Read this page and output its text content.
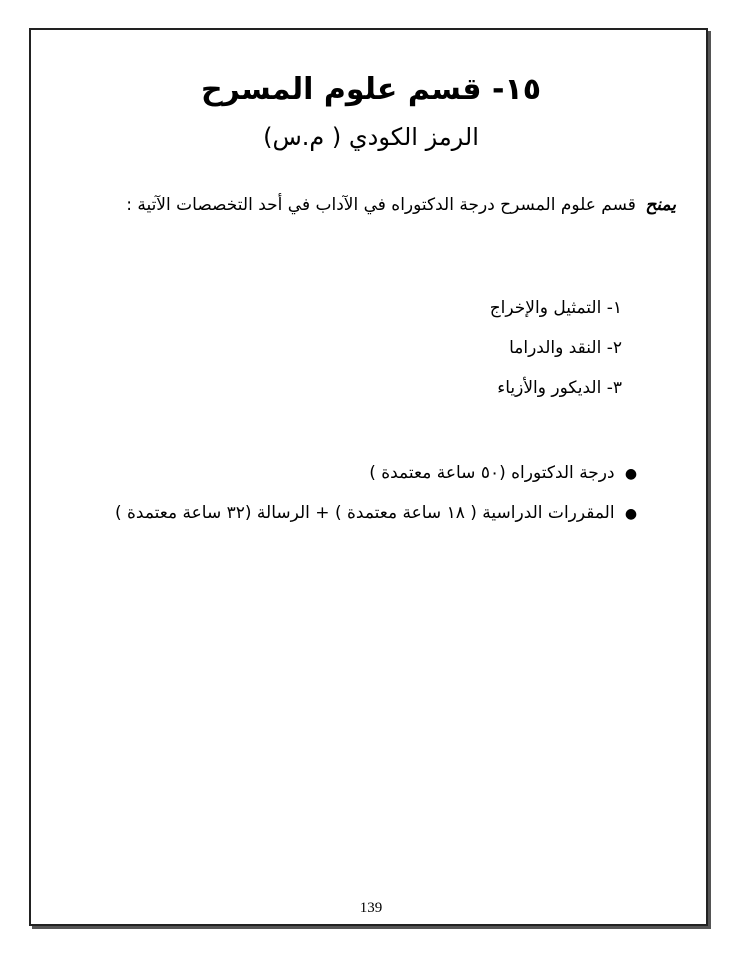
١٥- قسم علوم المسرح
الرمز الكودي ( م.س)
يمنح قسم علوم المسرح درجة الدكتوراه في الآداب في أحد التخصصات الآتية :
١- التمثيل والإخراج
٢- النقد والدراما
٣- الديكور والأزياء
● درجة الدكتوراه (٥٠ ساعة معتمدة )
● المقررات الدراسية ( ١٨ ساعة معتمدة ) + الرسالة (٣٢ ساعة معتمدة )
139
